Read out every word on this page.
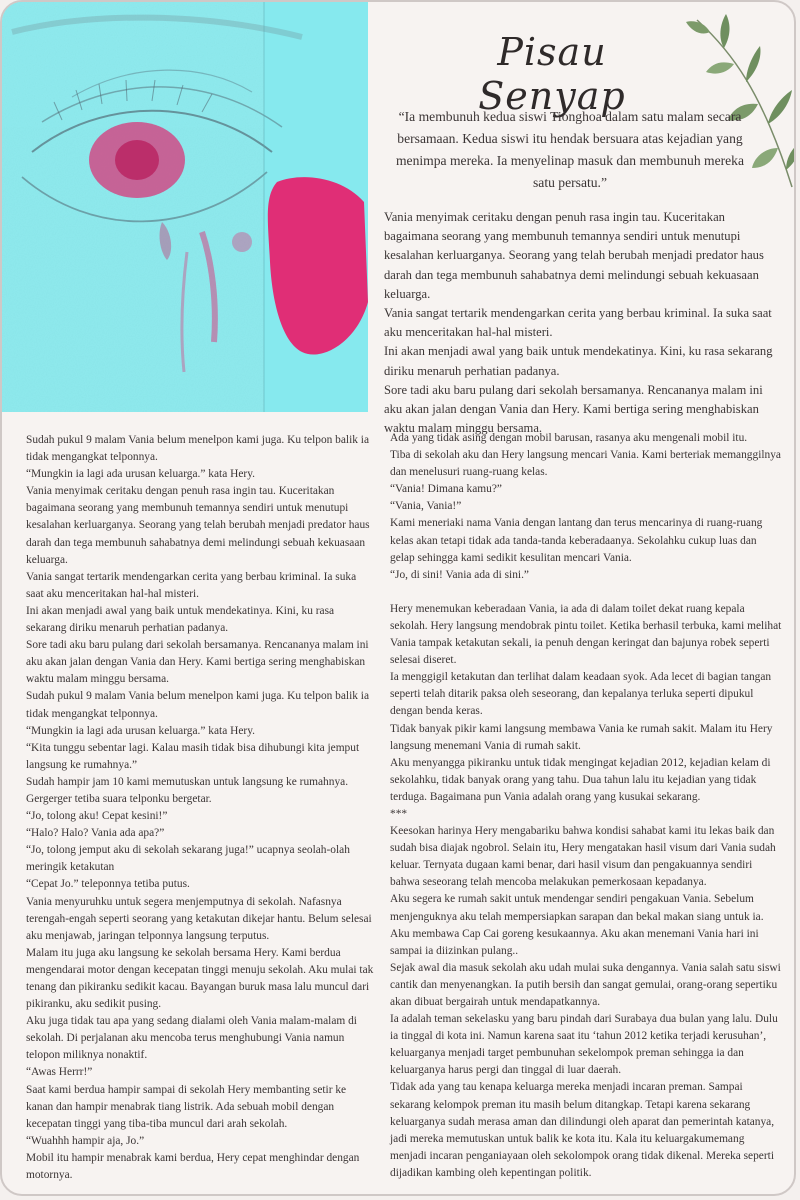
Pisau Senyap
“Ia membunuh kedua siswi Tionghoa dalam satu malam secara bersamaan. Kedua siswi itu hendak bersuara atas kejadian yang menimpa mereka. Ia menyelinap masuk dan membunuh mereka satu persatu.”

Vania menyimak ceritaku dengan penuh rasa ingin tau. Kuceritakan bagaimana seorang yang membunuh temannya sendiri untuk menutupi kesalahan kerluarganya. Seorang yang telah berubah menjadi predator haus darah dan tega membunuh sahabatnya demi melindungi sebuah kekuasaan keluarga.

Vania sangat tertarik mendengarkan cerita yang berbau kriminal. Ia suka saat aku menceritakan hal-hal misteri.

Ini akan menjadi awal yang baik untuk mendekatinya. Kini, ku rasa sekarang diriku menaruh perhatian padanya.

Sore tadi aku baru pulang dari sekolah bersamanya. Rencananya malam ini aku akan jalan dengan Vania dan Hery. Kami bertiga sering menghabiskan waktu malam minggu bersama.

Sudah pukul 9 malam Vania belum menelpon kami juga. Ku telpon balik ia tidak mengangkat telponnya.

“Mungkin ia lagi ada urusan keluarga.” kata Hery.

Vania menyimak ceritaku dengan penuh rasa ingin tau. Kuceritakan bagaimana seorang yang membunuh temannya sendiri untuk menutupi kesalahan kerluarganya. Seorang yang telah berubah menjadi predator haus darah dan tega membunuh sahabatnya demi melindungi sebuah kekuasaan keluarga.

Vania sangat tertarik mendengarkan cerita yang berbau kriminal. Ia suka saat aku menceritakan hal-hal misteri.

Ini akan menjadi awal yang baik untuk mendekatinya. Kini, ku rasa sekarang diriku menaruh perhatian padanya.

Sore tadi aku baru pulang dari sekolah bersamanya. Rencananya malam ini aku akan jalan dengan Vania dan Hery. Kami bertiga sering menghabiskan waktu malam minggu bersama.

Sudah pukul 9 malam Vania belum menelpon kami juga. Ku telpon balik ia tidak mengangkat telponnya.

“Mungkin ia lagi ada urusan keluarga.” kata Hery.

“Kita tunggu sebentar lagi. Kalau masih tidak bisa dihubungi kita jemput langsung ke rumahnya.”

Sudah hampir jam 10 kami memutuskan untuk langsung ke rumahnya.

Gergerger tetiba suara telponku bergetar.

“Jo, tolong aku! Cepat kesini!”

“Halo? Halo? Vania ada apa?”

“Jo, tolong jemput aku di sekolah sekarang juga!” ucapnya seolah-olah meringik ketakutan

“Cepat Jo.” teleponnya tetiba putus.

Vania menyuruhku untuk segera menjemputnya di sekolah. Nafasnya terengah-engah seperti seorang yang ketakutan dikejar hantu. Belum selesai aku menjawab, jaringan telponnya langsung terputus.

Malam itu juga aku langsung ke sekolah bersama Hery. Kami berdua mengendarai motor dengan kecepatan tinggi menuju sekolah. Aku mulai tak tenang dan pikiranku sedikit kacau. Bayangan buruk masa lalu muncul dari pikiranku, aku sedikit pusing.

Aku juga tidak tau apa yang sedang dialami oleh Vania malam-malam di sekolah. Di perjalanan aku mencoba terus menghubungi Vania namun telopon miliknya nonaktif.

“Awas Herrr!”

Saat kami berdua hampir sampai di sekolah Hery membanting setir ke kanan dan hampir menabrak tiang listrik. Ada sebuah mobil dengan kecepatan tinggi yang tiba-tiba muncul dari arah sekolah.

“Wuahhh hampir aja, Jo.”

Mobil itu hampir menabrak kami berdua, Hery cepat menghindar dengan motornya.

Ada yang tidak asing dengan mobil barusan, rasanya aku mengenali mobil itu.

Tiba di sekolah aku dan Hery langsung mencari Vania. Kami berteriak memanggilnya dan menelusuri ruang-ruang kelas.

“Vania! Dimana kamu?”

“Vania, Vania!”

Kami meneriaki nama Vania dengan lantang dan terus mencarinya di ruang-ruang kelas akan tetapi tidak ada tanda-tanda keberadaanya. Sekolahku cukup luas dan gelap sehingga kami sedikit kesulitan mencari Vania.

“Jo, di sini! Vania ada di sini.”

Hery menemukan keberadaan Vania, ia ada di dalam toilet dekat ruang kepala sekolah. Hery langsung mendobrak pintu toilet. Ketika berhasil terbuka, kami melihat Vania tampak ketakutan sekali, ia penuh dengan keringat dan bajunya robek seperti selesai diseret.

Ia menggigil ketakutan dan terlihat dalam keadaan syok. Ada lecet di bagian tangan seperti telah ditarik paksa oleh seseorang, dan kepalanya terluka seperti dipukul dengan benda keras.

Tidak banyak pikir kami langsung membawa Vania ke rumah sakit. Malam itu Hery langsung menemani Vania di rumah sakit.

Aku menyangga pikiranku untuk tidak mengingat kejadian 2012, kejadian kelam di sekolahku, tidak banyak orang yang tahu. Dua tahun lalu itu kejadian yang tidak terduga. Bagaimana pun Vania adalah orang yang kusukai sekarang.

***

Keesokan harinya Hery mengabariku bahwa kondisi sahabat kami itu lekas baik dan sudah bisa diajak ngobrol. Selain itu, Hery mengatakan hasil visum dari Vania sudah keluar. Ternyata dugaan kami benar, dari hasil visum dan pengakuannya sendiri bahwa seseorang telah mencoba melakukan pemerkosaan kepadanya.

Aku segera ke rumah sakit untuk mendengar sendiri pengakuan Vania. Sebelum menjenguknya aku telah mempersiapkan sarapan dan bekal makan siang untuk ia. Aku membawa Cap Cai goreng kesukaannya. Aku akan menemani Vania hari ini sampai ia diizinkan pulang..

Sejak awal dia masuk sekolah aku udah mulai suka dengannya. Vania salah satu siswi cantik dan menyenangkan. Ia putih bersih dan sangat gemulai, orang-orang sepertiku akan dibuat bergairah untuk mendapatkannya.

Ia adalah teman sekelasku yang baru pindah dari Surabaya dua bulan yang lalu. Dulu ia tinggal di kota ini. Namun karena saat itu ‘tahun 2012 ketika terjadi kerusuhan’, keluarganya menjadi target pembunuhan sekelompok preman sehingga ia dan keluarganya harus pergi dan tinggal di luar daerah.

Tidak ada yang tau kenapa keluarga mereka menjadi incaran preman. Sampai sekarang kelompok preman itu masih belum ditangkap. Tetapi karena sekarang keluarganya sudah merasa aman dan dilindungi oleh aparat dan pemerintah katanya, jadi mereka memutuskan untuk balik ke kota itu. Kala itu keluargakumemang menjadi incaran penganiayaan oleh sekolompok orang tidak dikenal. Mereka seperti dijadikan kambing oleh kepentingan politik.
